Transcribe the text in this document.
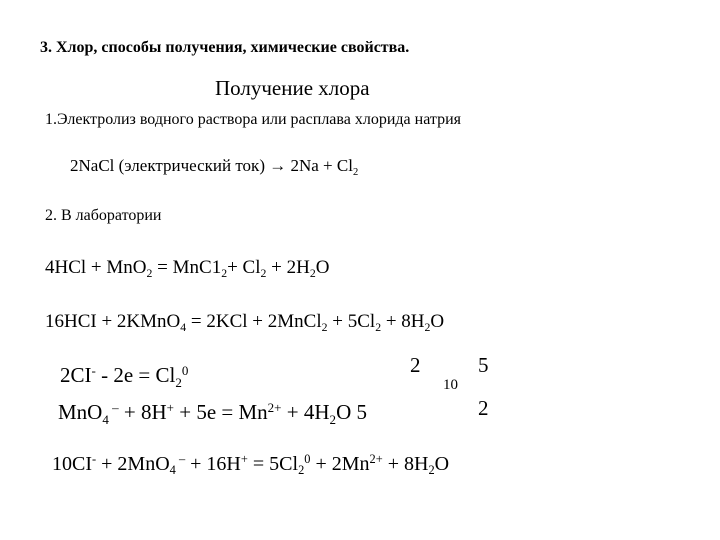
3. Хлор, способы получения, химические свойства.
Получение хлора
1.Электролиз водного раствора или расплава хлорида натрия
2NaCl (электрический $ток) \to 2Na + Cl_2$
2. В лаборатории
$4HCl + MnO_2 = MnC1_2+ Cl_2 + 2H_2O$
16HCI + 2KMnO$_4$ = 2KCl + 2MnCl$_2$ + $5Cl_2 + 8H_2O$
$2CI^- - 2e = Cl_2^0$
MnO$_4$ $^- + 8H^+ + 5e = Mn^{2+} + 4H_2O$ 5
2
10
5
2
10CI- + 2MnO$_4$ $^- + 16H^+ = 5Cl_2^0 + 2Mn^{2+} + 8H_2O$
